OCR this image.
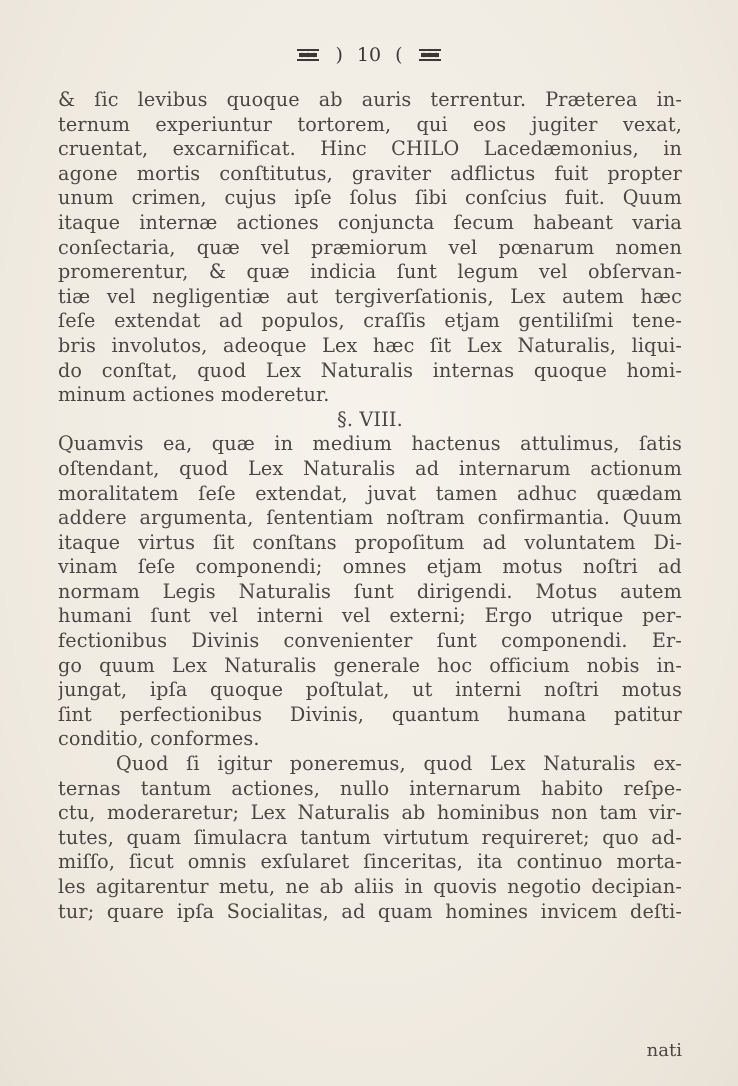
) 10 (
& ſic levibus quoque ab auris terrentur. Præterea in-
ternum experiuntur tortorem, qui eos jugiter vexat,
cruentat, excarnificat. Hinc CHILO Lacedæmonius, in
agone mortis conſtitutus, graviter adflictus fuit propter
unum crimen, cujus ipſe ſolus ſibi conſcius fuit. Quum
itaque internæ actiones conjuncta ſecum habeant varia
conſectaria, quæ vel præmiorum vel pœnarum nomen
promerentur, & quæ indicia ſunt legum vel obſervan-
tiæ vel negligentiæ aut tergiverſationis, Lex autem hæc
ſeſe extendat ad populos, craſſis etjam gentiliſmi tene-
bris involutos, adeoque Lex hæc ſit Lex Naturalis, liqui-
do conſtat, quod Lex Naturalis internas quoque homi-
minum actiones moderetur.
§. VIII.
Quamvis ea, quæ in medium hactenus attulimus, ſatis
oſtendant, quod Lex Naturalis ad internarum actionum
moralitatem ſeſe extendat, juvat tamen adhuc quædam
addere argumenta, ſententiam noſtram confirmantia. Quum
itaque virtus ſit conſtans propoſitum ad voluntatem Di-
vinam ſeſe componendi; omnes etjam motus noſtri ad
normam Legis Naturalis ſunt dirigendi. Motus autem
humani ſunt vel interni vel externi; Ergo utrique per-
fectionibus Divinis convenienter ſunt componendi. Er-
go quum Lex Naturalis generale hoc officium nobis in-
jungat, ipſa quoque poſtulat, ut interni noſtri motus
ſint perfectionibus Divinis, quantum humana patitur
conditio, conformes.
Quod ſi igitur poneremus, quod Lex Naturalis ex-
ternas tantum actiones, nullo internarum habito reſpe-
ctu, moderaretur; Lex Naturalis ab hominibus non tam vir-
tutes, quam ſimulacra tantum virtutum requireret; quo ad-
miſſo, ſicut omnis exſularet ſinceritas, ita continuo morta-
les agitarentur metu, ne ab aliis in quovis negotio decipian-
tur; quare ipſa Socialitas, ad quam homines invicem deſti-
nati
